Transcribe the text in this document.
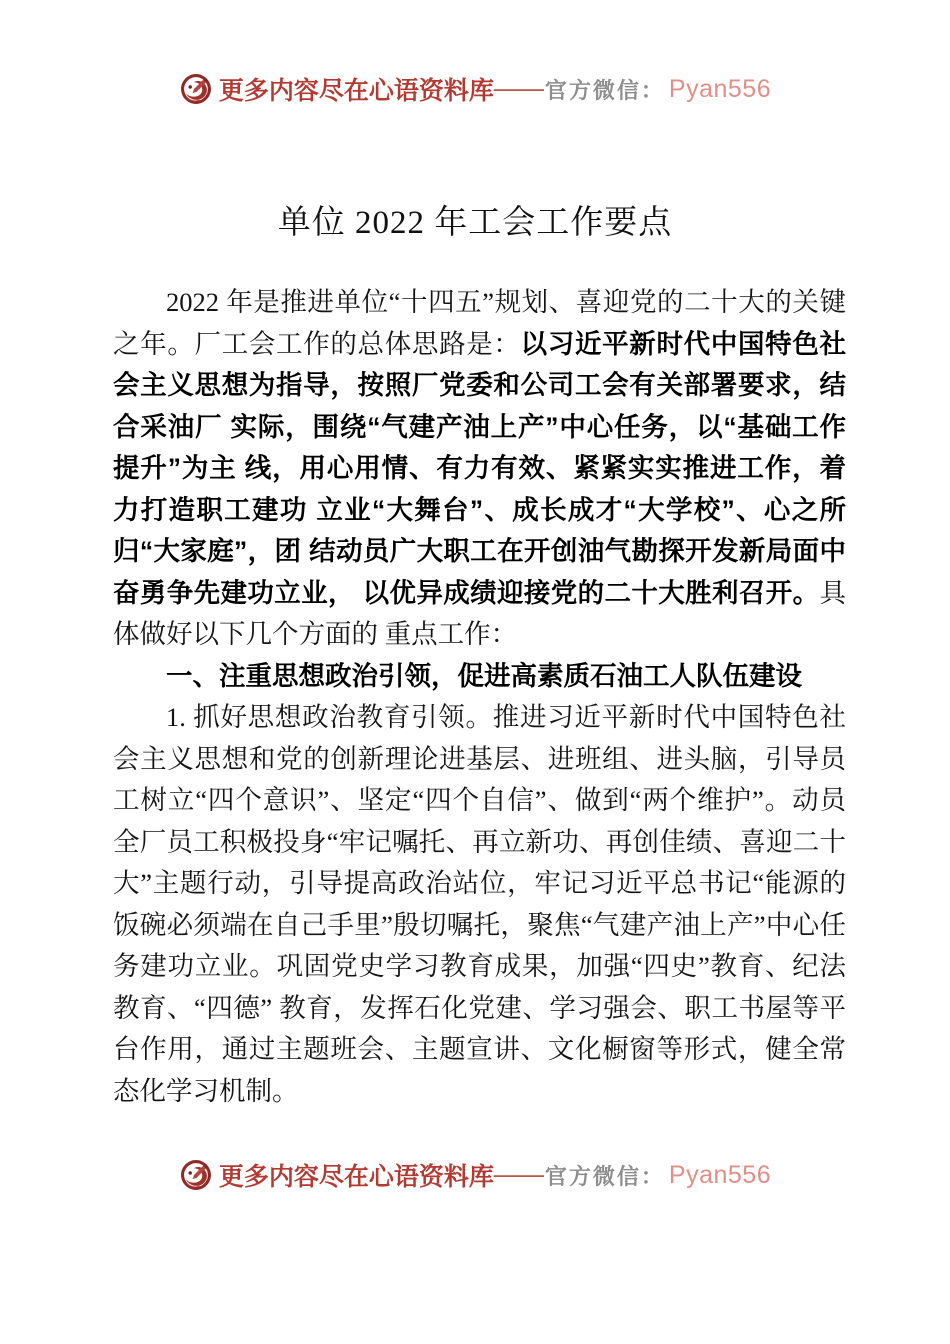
更多内容尽在心语资料库 —— 官方微信： Pyan556
单位 2022 年工会工作要点

2022 年是推进单位“十四五”规划、喜迎党的二十大的关键之年。厂工会工作的总体思路是：以习近平新时代中国特色社会主义思想为指导，按照厂党委和公司工会有关部署要求，结合采油厂 实际，围绕“气建产油上产”中心任务，以“基础工作提升”为主 线，用心用情、有力有效、紧紧实实推进工作，着力打造职工建功 立业“大舞台”、成长成才“大学校”、心之所归“大家庭”，团 结动员广大职工在开创油气勘探开发新局面中奋勇争先建功立业， 以优异成绩迎接党的二十大胜利召开。具体做好以下几个方面的 重点工作：

一、注重思想政治引领，促进高素质石油工人队伍建设

1. 抓好思想政治教育引领。推进习近平新时代中国特色社会主义思想和党的创新理论进基层、进班组、进头脑，引导员工树立“四个意识”、坚定“四个自信”、做到“两个维护”。动员全厂员工积极投身“牢记嘱托、再立新功、再创佳绩、喜迎二十大”主题行动，引导提高政治站位，牢记习近平总书记“能源的饭碗必须端在自己手里”殷切嘱托，聚焦“气建产油上产”中心任务建功立业。巩固党史学习教育成果，加强“四史”教育、纪法教育、“四德” 教育，发挥石化党建、学习强会、职工书屋等平台作用，通过主题班会、主题宣讲、文化橱窗等形式，健全常态化学习机制。

更多内容尽在心语资料库 —— 官方微信： Pyan556
